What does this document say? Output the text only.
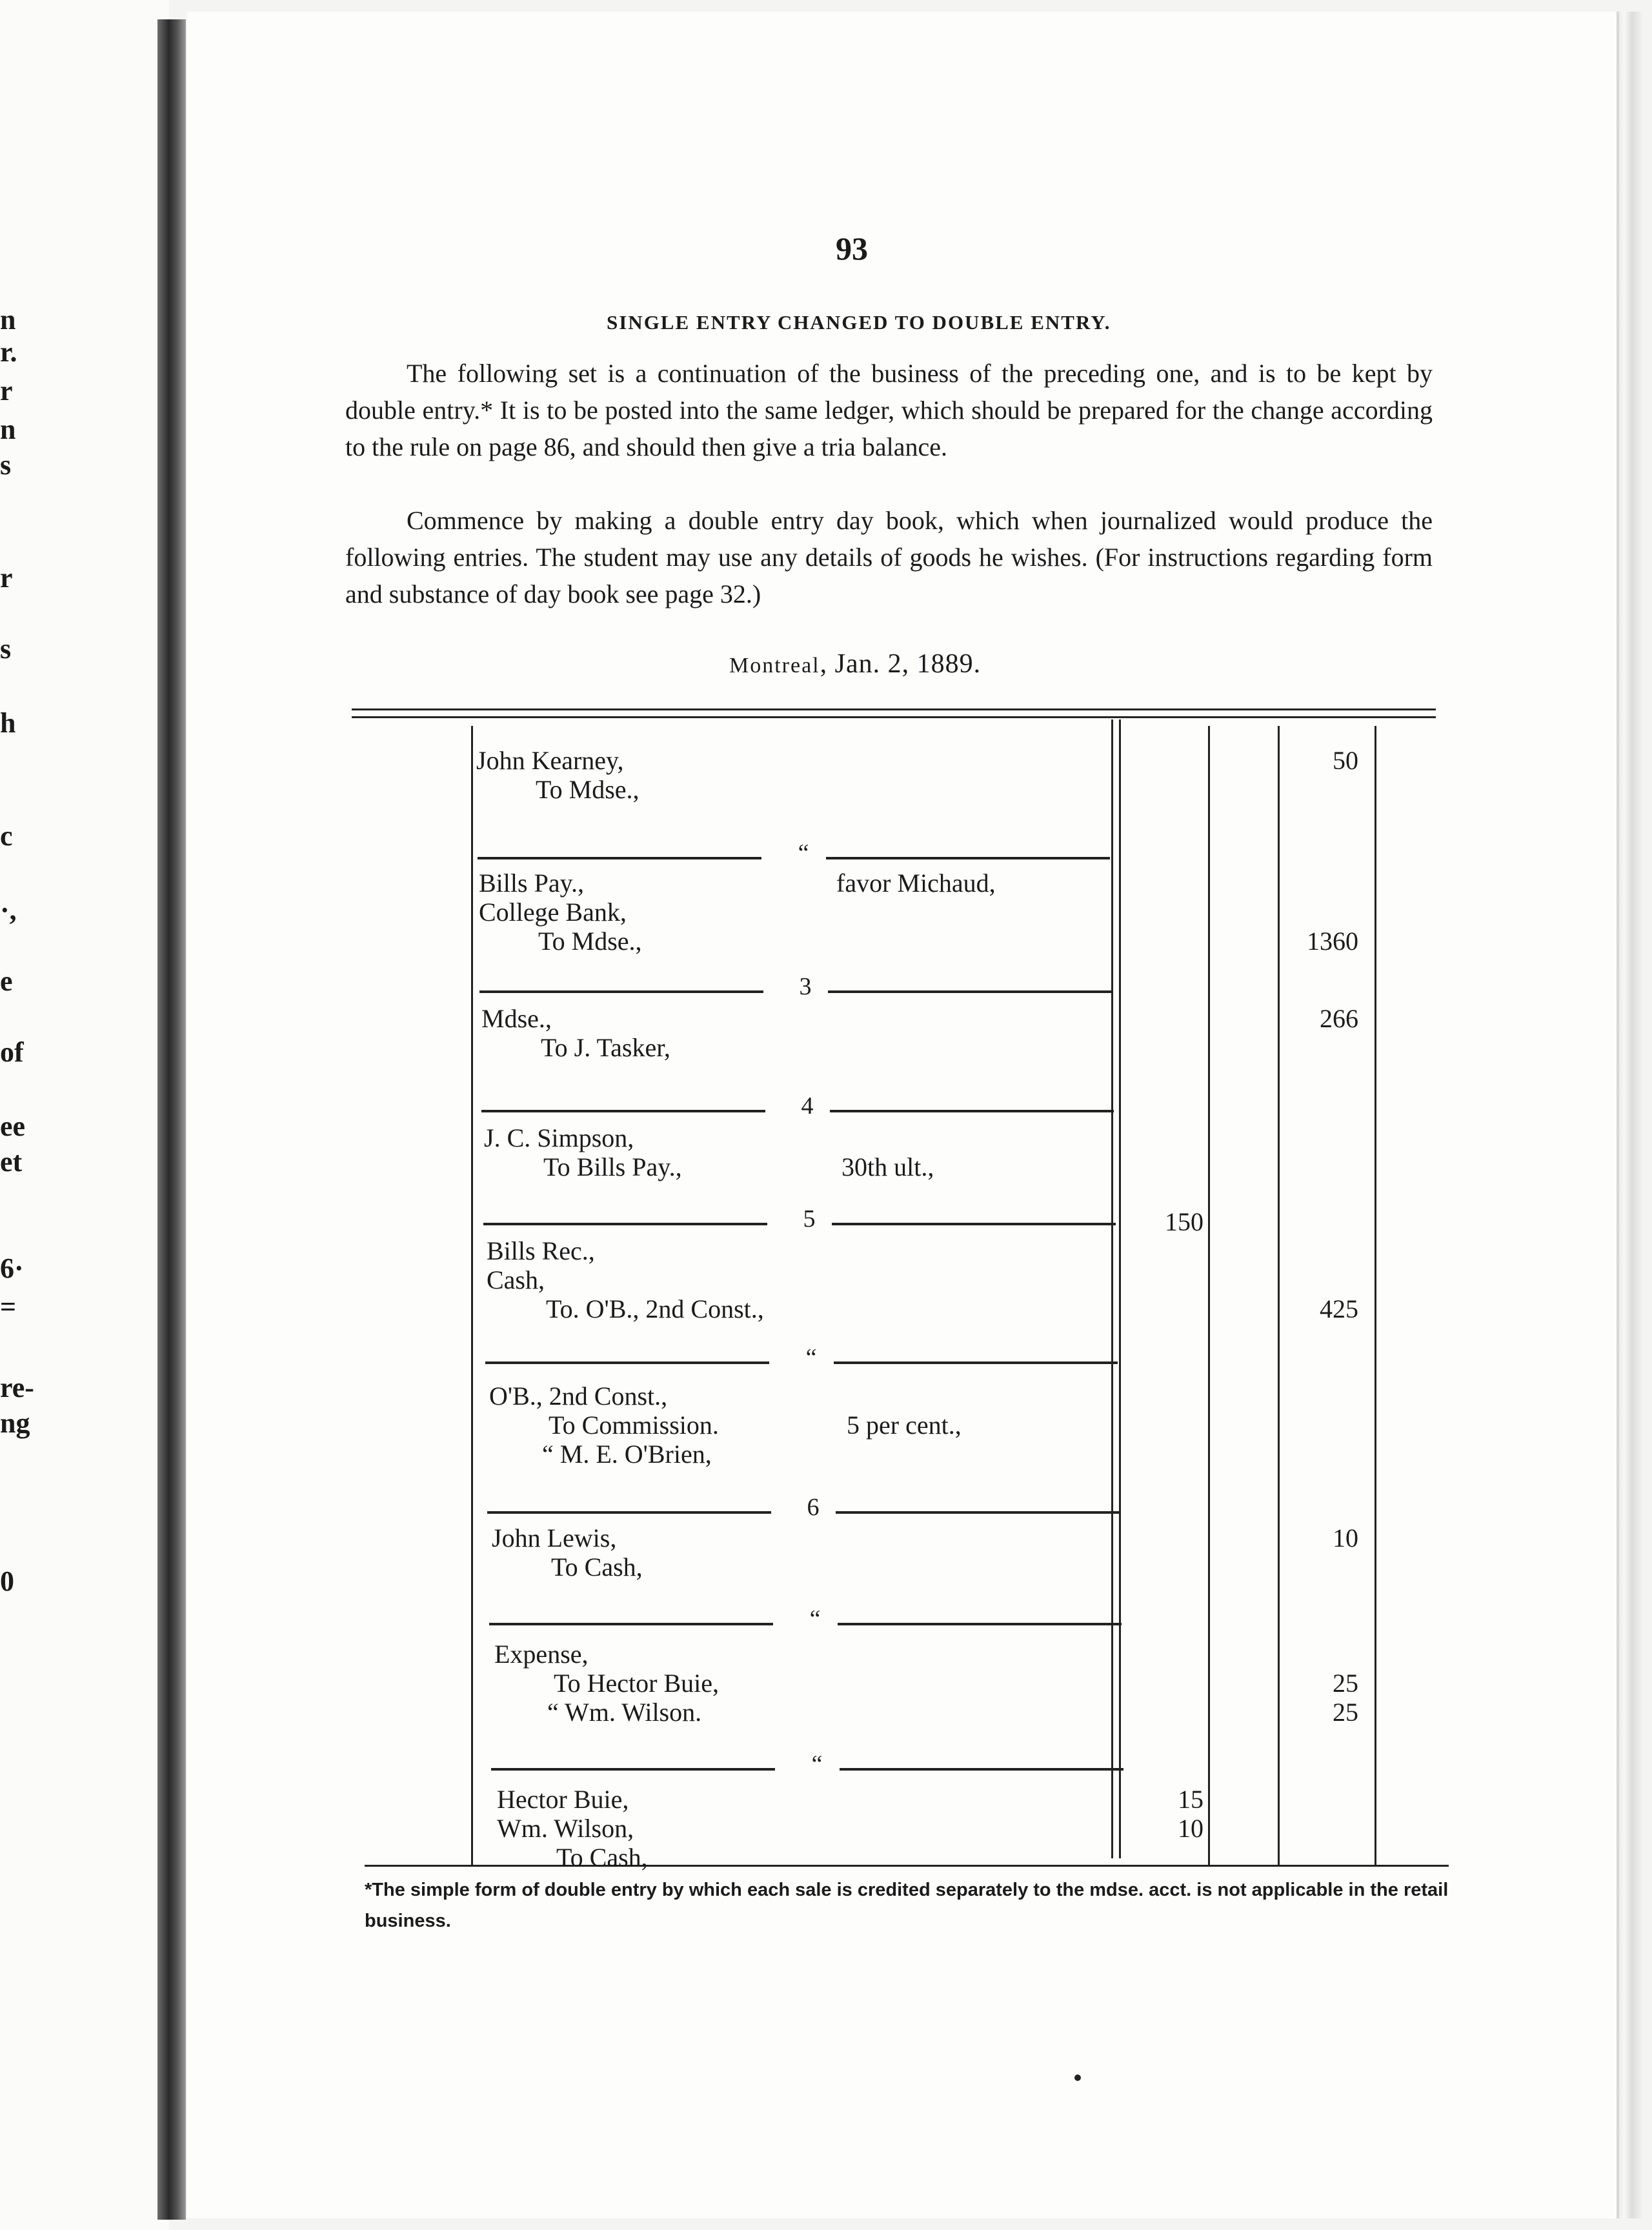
n
r.
r
n
s
r
s
h
c
·,
e
of
ee
et
6·
=
re-
ng
0
93
SINGLE ENTRY CHANGED TO DOUBLE ENTRY.
The following set is a continuation of the business of the preceding one, and is to be kept by double entry.* It is to be posted into the same ledger, which should be prepared for the change according to the rule on page 86, and should then give a tria balance.
Commence by making a double entry day book, which when journalized would produce the following entries. The student may use any details of goods he wishes. (For instructions regarding form and substance of day book see page 32.)
Montreal, Jan. 2, 1889.
John Kearney,
To Mdse.,
50
“
Bills Pay.,
College Bank,
To Mdse.,
favor Michaud,
1360
3
Mdse.,
To J. Tasker,
266
4
J. C. Simpson,
To Bills Pay.,	30th ult.,
5
Bills Rec.,
Cash,
To. O'B., 2nd Const.,	425
150
“
O'B., 2nd Const.,
To Commission.
“ M. E. O'Brien,
5 per cent.,
6
John Lewis,
To Cash,
10
“
Expense,
To Hector Buie,
“ Wm. Wilson.
25
25
“
Hector Buie,
Wm. Wilson,
To Cash,
15
10
*The simple form of double entry by which each sale is credited separately to the mdse. acct. is not applicable in the retail business.
